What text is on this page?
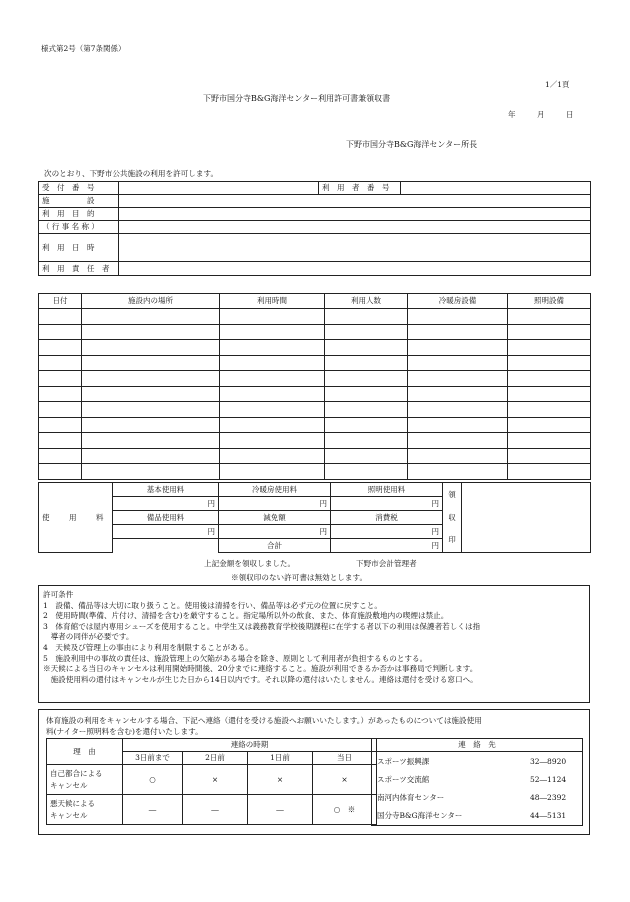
様式第2号（第7条関係）
1／1頁
下野市国分寺B&G海洋センター利用許可書兼領収書
年	月	日
下野市国分寺B&G海洋センター所長
次のとおり、下野市公共施設の利用を許可します。
受　付　番　号		利　用　者　番　号	
施　　　　　設			
利　用　目　的			
（ 行 事 名 称 ）			
利　用　日　時			
利　用　責　任　者			
日付	施設内の場所	利用時間	利用人数	冷暖房設備	照明設備

使　用　料	基本使用料	冷暖房使用料	照明使用料	領

収

印	
	円	円	円		
	備品使用料	減免額	消費税		
	円	円	円		
		合計	円		
上記金額を領収しました。	下野市会計管理者
※領収印のない許可書は無効とします。

許可条件

1　設備、備品等は大切に取り扱うこと。使用後は清掃を行い、備品等は必ず元の位置に戻すこと。

2　使用時間(準備、片付け、清掃を含む)を厳守すること。指定場所以外の飲食、また、体育施設敷地内の喫煙は禁止。

3　体育館では屋内専用シューズを使用すること。中学生又は義務教育学校後期課程に在学する者以下の利用は保護者若しくは指

　導者の同伴が必要です。

4　天候及び管理上の事由により利用を制限することがある。

5　施設利用中の事故の責任は、施設管理上の欠陥がある場合を除き、原則として利用者が負担するものとする。

※天候による当日のキャンセルは利用開始時間後、20分までに連絡すること。施設が利用できるか否かは事務局で判断します。

　施設使用料の還付はキャンセルが生じた日から14日以内です。それ以降の還付はいたしません。連絡は還付を受ける窓口へ。

体育施設の利用をキャンセルする場合、下記へ連絡（還付を受ける施設へお願いいたします。）があったものについては施設使用

料(ナイター照明料を含む)を還付いたします。

理　由	連絡の時期			
	3日前まで	2日前	1日前	当日
自己都合による
キャンセル	○	×	×	×
悪天候による
キャンセル	―	―	―	○　※
連　絡　先

スポーツ振興課	32―8920
スポーツ交流館	52―1124
南河内体育センター	48―2392
国分寺B&G海洋センター	44―5131
